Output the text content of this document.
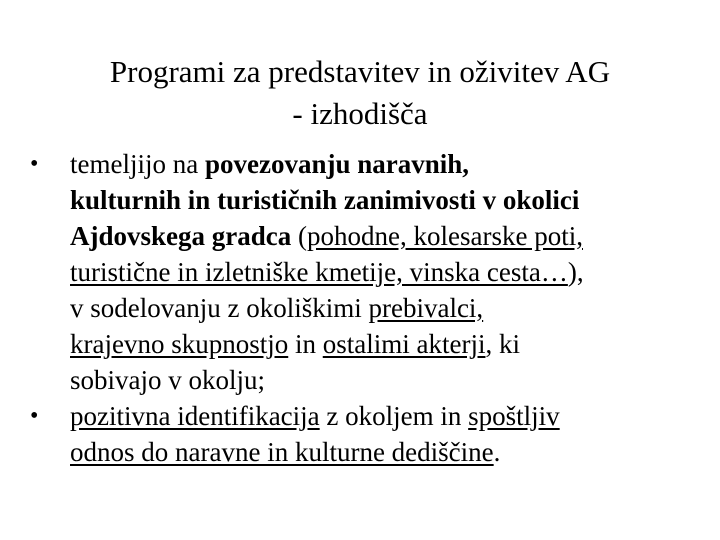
Programi za predstavitev in oživitev AG
- izhodišča
•	temeljijo na povezovanju naravnih,
kulturnih in turističnih zanimivosti v okolici
Ajdovskega gradca (pohodne, kolesarske poti,
turistične in izletniške kmetije, vinska cesta…),
v sodelovanju z okoliškimi prebivalci,
krajevno skupnostjo in ostalimi akterji, ki
sobivajo v okolju;
•	pozitivna identifikacija z okoljem in spoštljiv
odnos do naravne in kulturne dediščine.
